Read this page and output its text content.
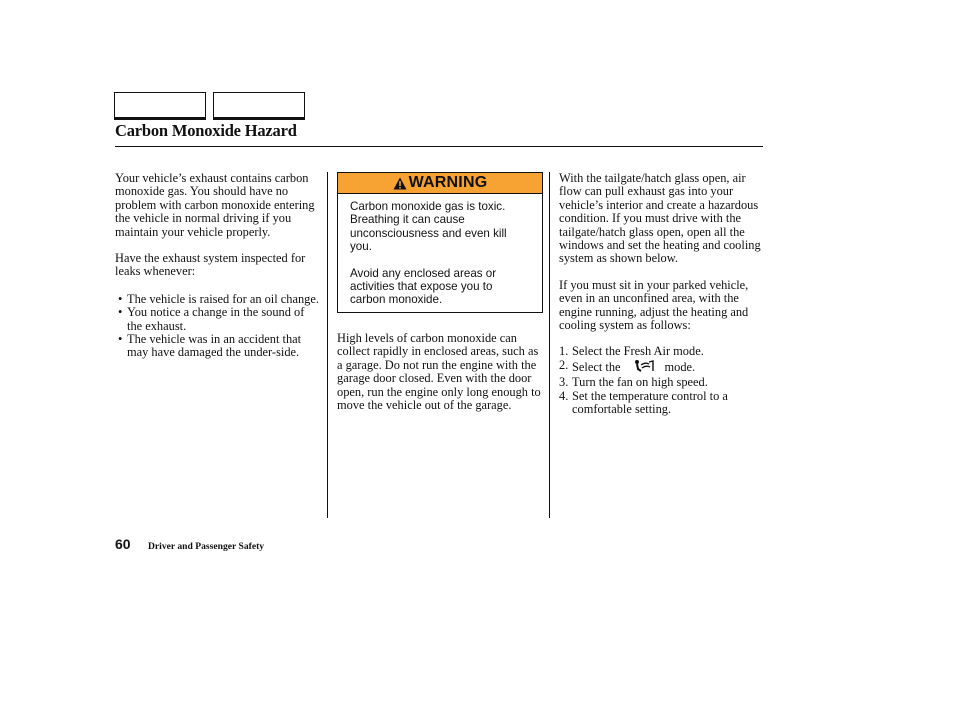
Carbon Monoxide Hazard

Your vehicle’s exhaust contains carbon monoxide gas. You should have no problem with carbon monoxide entering the vehicle in normal driving if you maintain your vehicle properly.

Have the exhaust system inspected for leaks whenever:

• The vehicle is raised for an oil change.
• You notice a change in the sound of the exhaust.
• The vehicle was in an accident that may have damaged the under-side.
WARNING

Carbon monoxide gas is toxic. Breathing it can cause unconsciousness and even kill you.

Avoid any enclosed areas or activities that expose you to carbon monoxide.

High levels of carbon monoxide can collect rapidly in enclosed areas, such as a garage. Do not run the engine with the garage door closed. Even with the door open, run the engine only long enough to move the vehicle out of the garage.

With the tailgate/hatch glass open, air flow can pull exhaust gas into your vehicle’s interior and create a hazardous condition. If you must drive with the tailgate/hatch glass open, open all the windows and set the heating and cooling system as shown below.

If you must sit in your parked vehicle, even in an unconfined area, with the engine running, adjust the heating and cooling system as follows:

1. Select the Fresh Air mode.
2. Select the	mode.
3. Turn the fan on high speed.
4. Set the temperature control to a comfortable setting.
60 Driver and Passenger Safety
